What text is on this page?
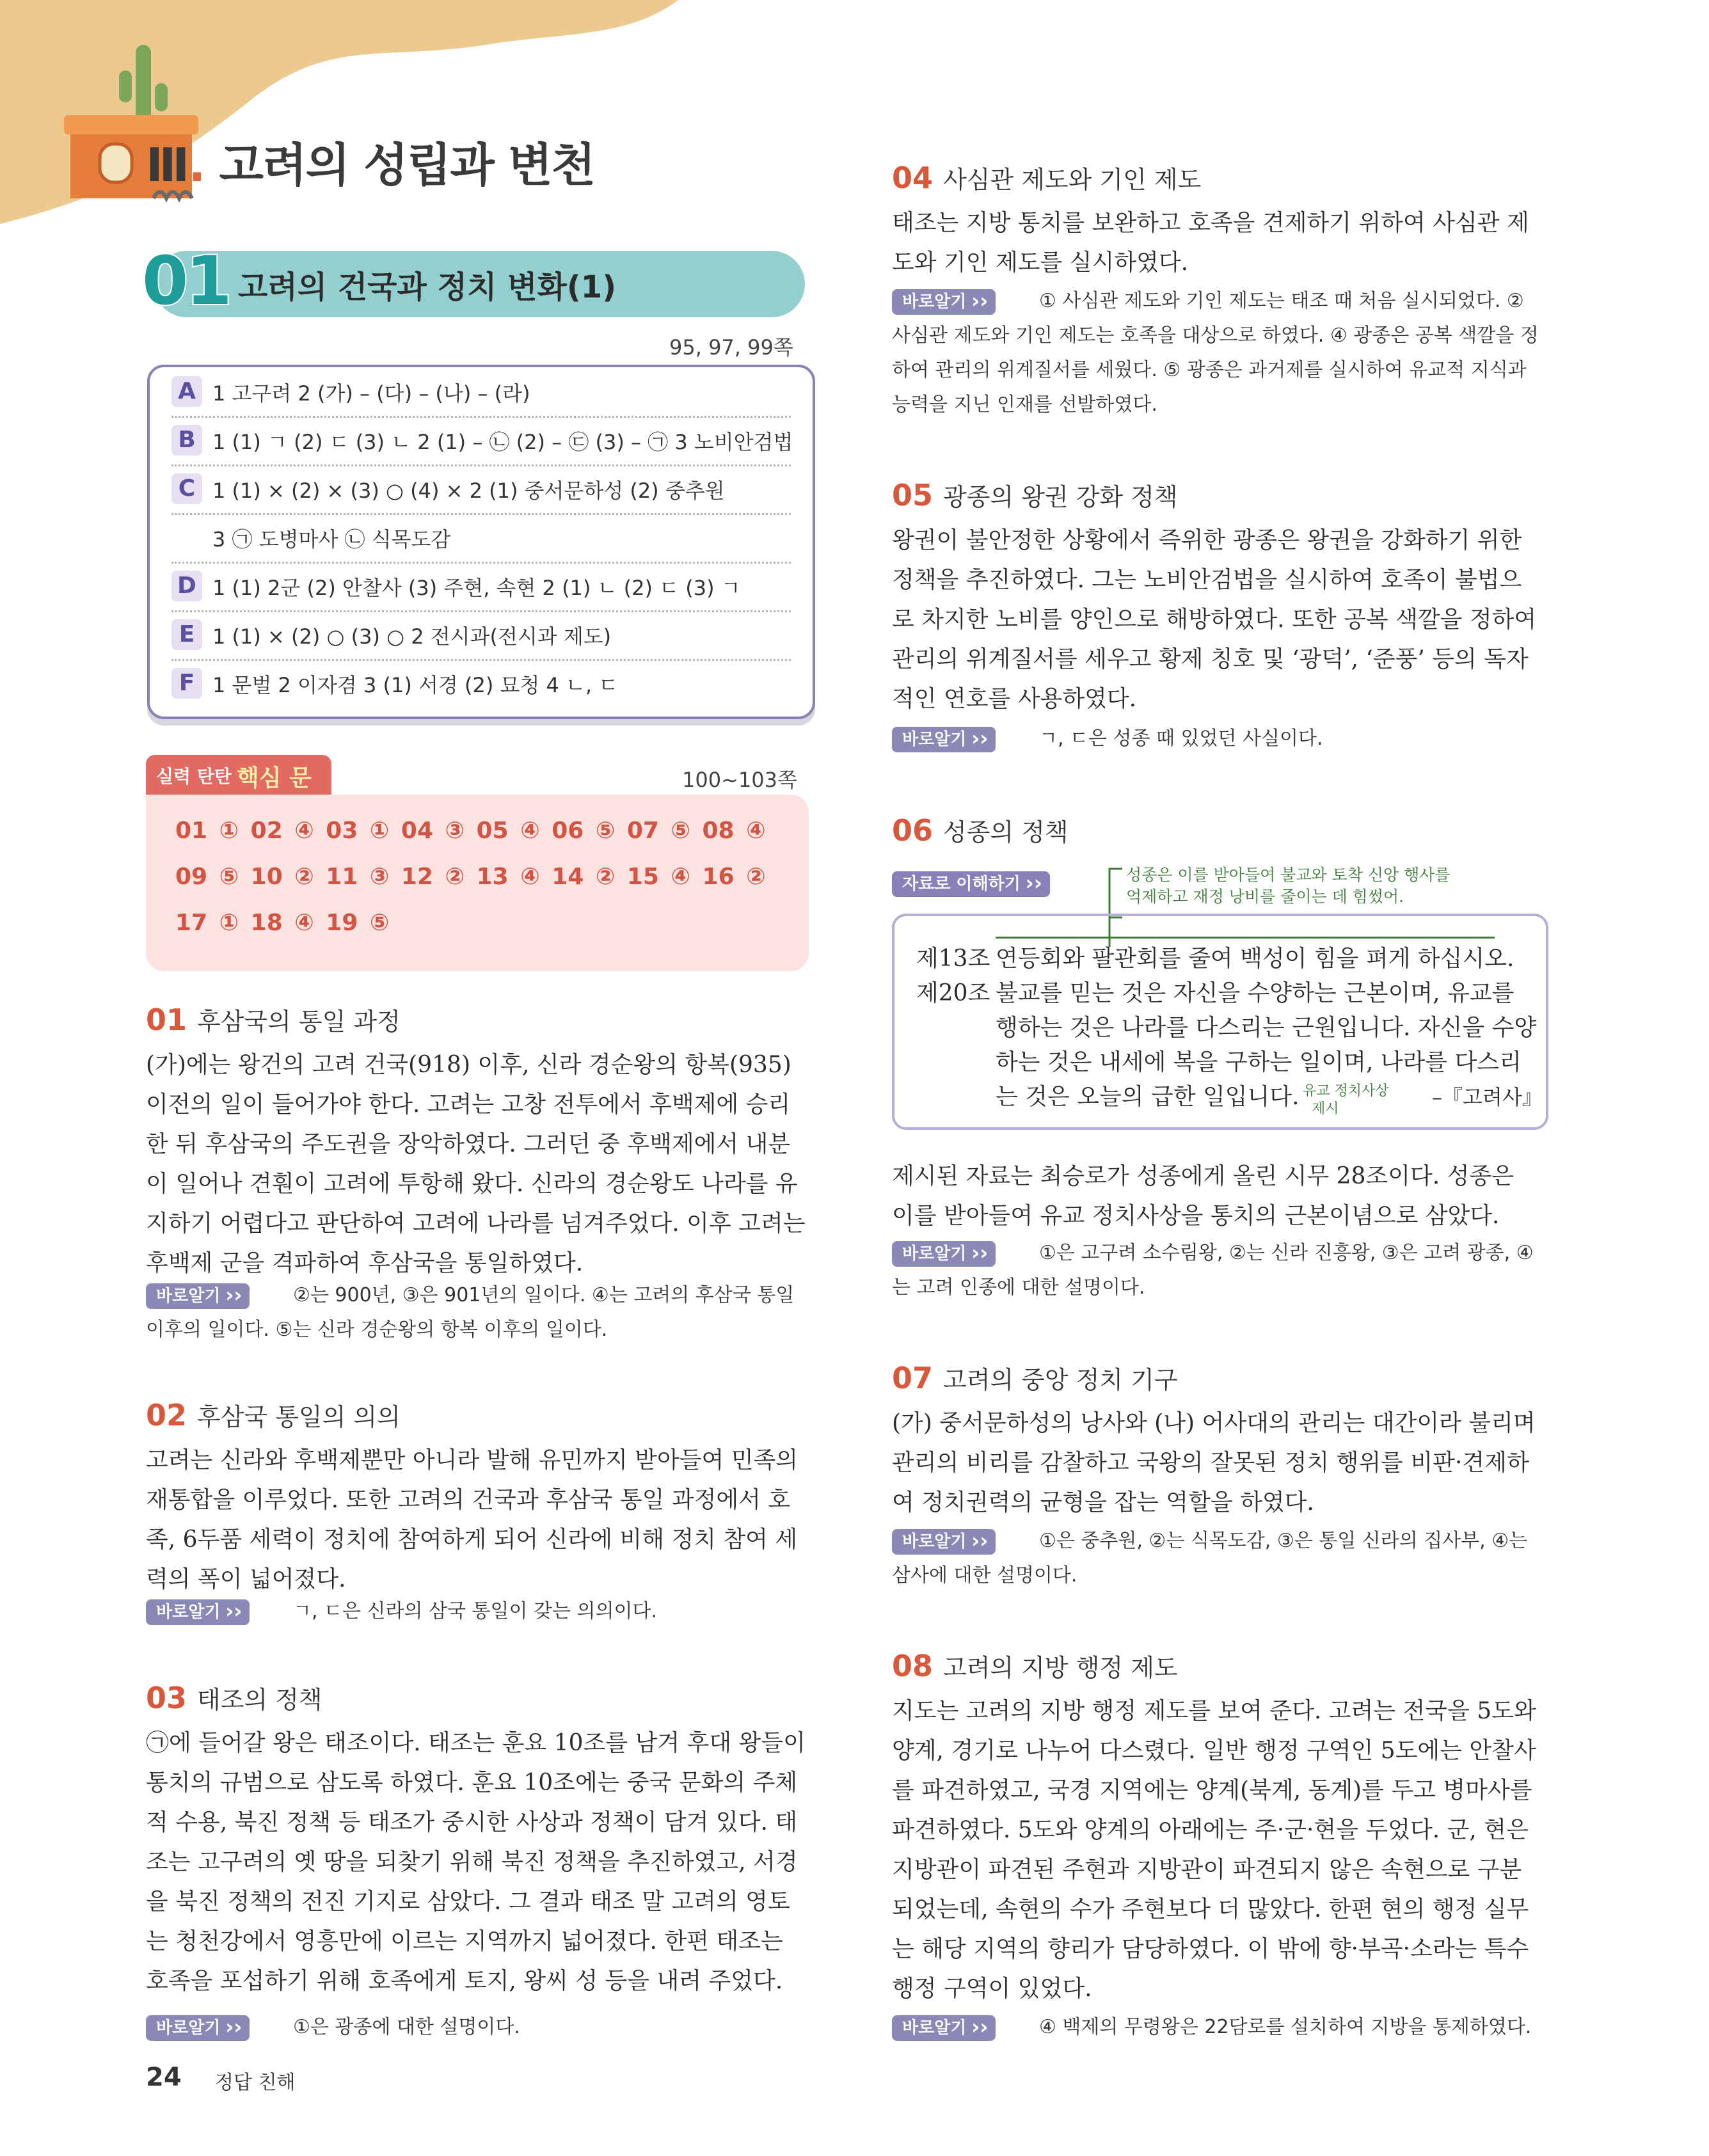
Ⅲ. 고려의 성립과 변천
01 고려의 건국과 정치 변화(1)
95, 97, 99쪽
A 1 고구려 2 (가) – (다) – (나) – (라)
B 1 (1) ㄱ (2) ㄷ (3) ㄴ 2 (1) – ㉡ (2) – ㉢ (3) – ㉠ 3 노비안검법
C 1 (1) × (2) × (3) ○ (4) × 2 (1) 중서문하성 (2) 중추원
3 ㉠ 도병마사 ㉡ 식목도감
D 1 (1) 2군 (2) 안찰사 (3) 주현, 속현 2 (1) ㄴ (2) ㄷ (3) ㄱ
E 1 (1) × (2) ○ (3) ○ 2 전시과(전시과 제도)
F 1 문벌 2 이자겸 3 (1) 서경 (2) 묘청 4 ㄴ, ㄷ
실력 탄탄 핵심 문	100~103쪽
01 ① 02 ④ 03 ① 04 ③ 05 ④ 06 ⑤ 07 ⑤ 08 ④
09 ⑤ 10 ② 11 ③ 12 ② 13 ④ 14 ② 15 ④ 16 ②
17 ① 18 ④ 19 ⑤
01 후삼국의 통일 과정

(가)에는 왕건의 고려 건국(918) 이후, 신라 경순왕의 항복(935) 이전의 일이 들어가야 한다. 고려는 고창 전투에서 후백제에 승리한 뒤 후삼국의 주도권을 장악하였다. 그러던 중 후백제에서 내분이 일어나 견훤이 고려에 투항해 왔다. 신라의 경순왕도 나라를 유지하기 어렵다고 판단하여 고려에 나라를 넘겨주었다. 이후 고려는 후백제 군을 격파하여 후삼국을 통일하였다.

바로알기 ››	②는 900년, ③은 901년의 일이다. ④는 고려의 후삼국 통일 이후의 일이다. ⑤는 신라 경순왕의 항복 이후의 일이다.

02 후삼국 통일의 의의

고려는 신라와 후백제뿐만 아니라 발해 유민까지 받아들여 민족의 재통합을 이루었다. 또한 고려의 건국과 후삼국 통일 과정에서 호족, 6두품 세력이 정치에 참여하게 되어 신라에 비해 정치 참여 세력의 폭이 넓어졌다.

바로알기 ››	ㄱ, ㄷ은 신라의 삼국 통일이 갖는 의의이다.

03 태조의 정책

㉠에 들어갈 왕은 태조이다. 태조는 훈요 10조를 남겨 후대 왕들이 통치의 규범으로 삼도록 하였다. 훈요 10조에는 중국 문화의 주체적 수용, 북진 정책 등 태조가 중시한 사상과 정책이 담겨 있다. 태조는 고구려의 옛 땅을 되찾기 위해 북진 정책을 추진하였고, 서경을 북진 정책의 전진 기지로 삼았다. 그 결과 태조 말 고려의 영토는 청천강에서 영흥만에 이르는 지역까지 넓어졌다. 한편 태조는 호족을 포섭하기 위해 호족에게 토지, 왕씨 성 등을 내려 주었다.

바로알기 ››	①은 광종에 대한 설명이다.

04 사심관 제도와 기인 제도

태조는 지방 통치를 보완하고 호족을 견제하기 위하여 사심관 제도와 기인 제도를 실시하였다.

바로알기 ››	① 사심관 제도와 기인 제도는 태조 때 처음 실시되었다. ② 사심관 제도와 기인 제도는 호족을 대상으로 하였다. ④ 광종은 공복 색깔을 정하여 관리의 위계질서를 세웠다. ⑤ 광종은 과거제를 실시하여 유교적 지식과 능력을 지닌 인재를 선발하였다.

05 광종의 왕권 강화 정책

왕권이 불안정한 상황에서 즉위한 광종은 왕권을 강화하기 위한 정책을 추진하였다. 그는 노비안검법을 실시하여 호족이 불법으로 차지한 노비를 양인으로 해방하였다. 또한 공복 색깔을 정하여 관리의 위계질서를 세우고 황제 칭호 및 ‘광덕’, ‘준풍’ 등의 독자적인 연호를 사용하였다.

바로알기 ››	ㄱ, ㄷ은 성종 때 있었던 사실이다.

06 성종의 정책
자료로 이해하기 ››	성종은 이를 받아들여 불교와 토착 신앙 행사를
억제하고 재정 낭비를 줄이는 데 힘썼어.
제13조 연등회와 팔관회를 줄여 백성이 힘을 펴게 하십시오.
제20조 불교를 믿는 것은 자신을 수양하는 근본이며, 유교를
행하는 것은 나라를 다스리는 근원입니다. 자신을 수양
하는 것은 내세에 복을 구하는 일이며, 나라를 다스리
는 것은 오늘의 급한 일입니다. 유교 정치사상
제시	–『고려사』

제시된 자료는 최승로가 성종에게 올린 시무 28조이다. 성종은 이를 받아들여 유교 정치사상을 통치의 근본이념으로 삼았다.

바로알기 ››	①은 고구려 소수림왕, ②는 신라 진흥왕, ③은 고려 광종, ④는 고려 인종에 대한 설명이다.

07 고려의 중앙 정치 기구

(가) 중서문하성의 낭사와 (나) 어사대의 관리는 대간이라 불리며 관리의 비리를 감찰하고 국왕의 잘못된 정치 행위를 비판·견제하여 정치권력의 균형을 잡는 역할을 하였다.

바로알기 ››	①은 중추원, ②는 식목도감, ③은 통일 신라의 집사부, ④는 삼사에 대한 설명이다.

08 고려의 지방 행정 제도

지도는 고려의 지방 행정 제도를 보여 준다. 고려는 전국을 5도와 양계, 경기로 나누어 다스렸다. 일반 행정 구역인 5도에는 안찰사를 파견하였고, 국경 지역에는 양계(북계, 동계)를 두고 병마사를 파견하였다. 5도와 양계의 아래에는 주·군·현을 두었다. 군, 현은 지방관이 파견된 주현과 지방관이 파견되지 않은 속현으로 구분되었는데, 속현의 수가 주현보다 더 많았다. 한편 현의 행정 실무는 해당 지역의 향리가 담당하였다. 이 밖에 향·부곡·소라는 특수 행정 구역이 있었다.

바로알기 ››	④ 백제의 무령왕은 22담로를 설치하여 지방을 통제하였다.

24 정답 친해
